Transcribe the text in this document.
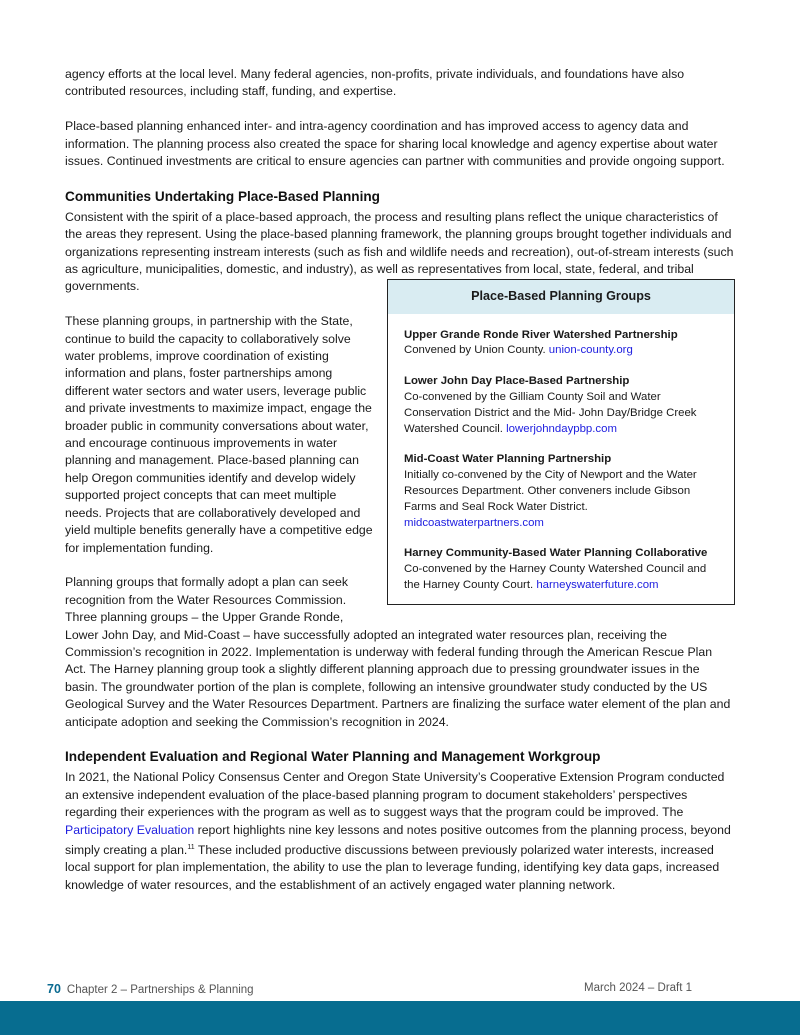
agency efforts at the local level. Many federal agencies, non-profits, private individuals, and foundations have also contributed resources, including staff, funding, and expertise.

Place-based planning enhanced inter- and intra-agency coordination and has improved access to agency data and information. The planning process also created the space for sharing local knowledge and agency expertise about water issues. Continued investments are critical to ensure agencies can partner with communities and provide ongoing support.

Communities Undertaking Place-Based Planning
Place-Based Planning Groups
Upper Grande Ronde River Watershed Partnership
Convened by Union County. union-county.org
Lower John Day Place-Based Partnership
Co-convened by the Gilliam County Soil and Water Conservation District and the Mid- John Day/Bridge Creek Watershed Council. lowerjohndaypbp.com
Mid-Coast Water Planning Partnership
Initially co-convened by the City of Newport and the Water Resources Department. Other conveners include Gibson Farms and Seal Rock Water District. midcoastwaterpartners.com
Harney Community-Based Water Planning Collaborative
Co-convened by the Harney County Watershed Council and the Harney County Court. harneyswaterfuture.com

Consistent with the spirit of a place-based approach, the process and resulting plans reflect the unique characteristics of the areas they represent. Using the place-based planning framework, the planning groups brought together individuals and organizations representing instream interests (such as fish and wildlife needs and recreation), out-of-stream interests (such as agriculture, municipalities, domestic, and industry), as well as representatives from local, state, federal, and tribal governments.

These planning groups, in partnership with the State, continue to build the capacity to collaboratively solve water problems, improve coordination of existing information and plans, foster partnerships among different water sectors and water users, leverage public and private investments to maximize impact, engage the broader public in community conversations about water, and encourage continuous improvements in water planning and management. Place-based planning can help Oregon communities identify and develop widely supported project concepts that can meet multiple needs. Projects that are collaboratively developed and yield multiple benefits generally have a competitive edge for implementation funding.

Planning groups that formally adopt a plan can seek recognition from the Water Resources Commission. Three planning groups – the Upper Grande Ronde, Lower John Day, and Mid-Coast – have successfully adopted an integrated water resources plan, receiving the Commission’s recognition in 2022. Implementation is underway with federal funding through the American Rescue Plan Act. The Harney planning group took a slightly different planning approach due to pressing groundwater issues in the basin. The groundwater portion of the plan is complete, following an intensive groundwater study conducted by the US Geological Survey and the Water Resources Department. Partners are finalizing the surface water element of the plan and anticipate adoption and seeking the Commission’s recognition in 2024.

Independent Evaluation and Regional Water Planning and Management Workgroup

In 2021, the National Policy Consensus Center and Oregon State University’s Cooperative Extension Program conducted an extensive independent evaluation of the place-based planning program to document stakeholders’ perspectives regarding their experiences with the program as well as to suggest ways that the program could be improved. The Participatory Evaluation report highlights nine key lessons and notes positive outcomes from the planning process, beyond simply creating a plan.$^{11}$ These included productive discussions between previously polarized water interests, increased local support for plan implementation, the ability to use the plan to leverage funding, identifying key data gaps, increased knowledge of water resources, and the establishment of an actively engaged water planning network.

70 Chapter 2 – Partnerships & Planning	March 2024 – Draft 1
